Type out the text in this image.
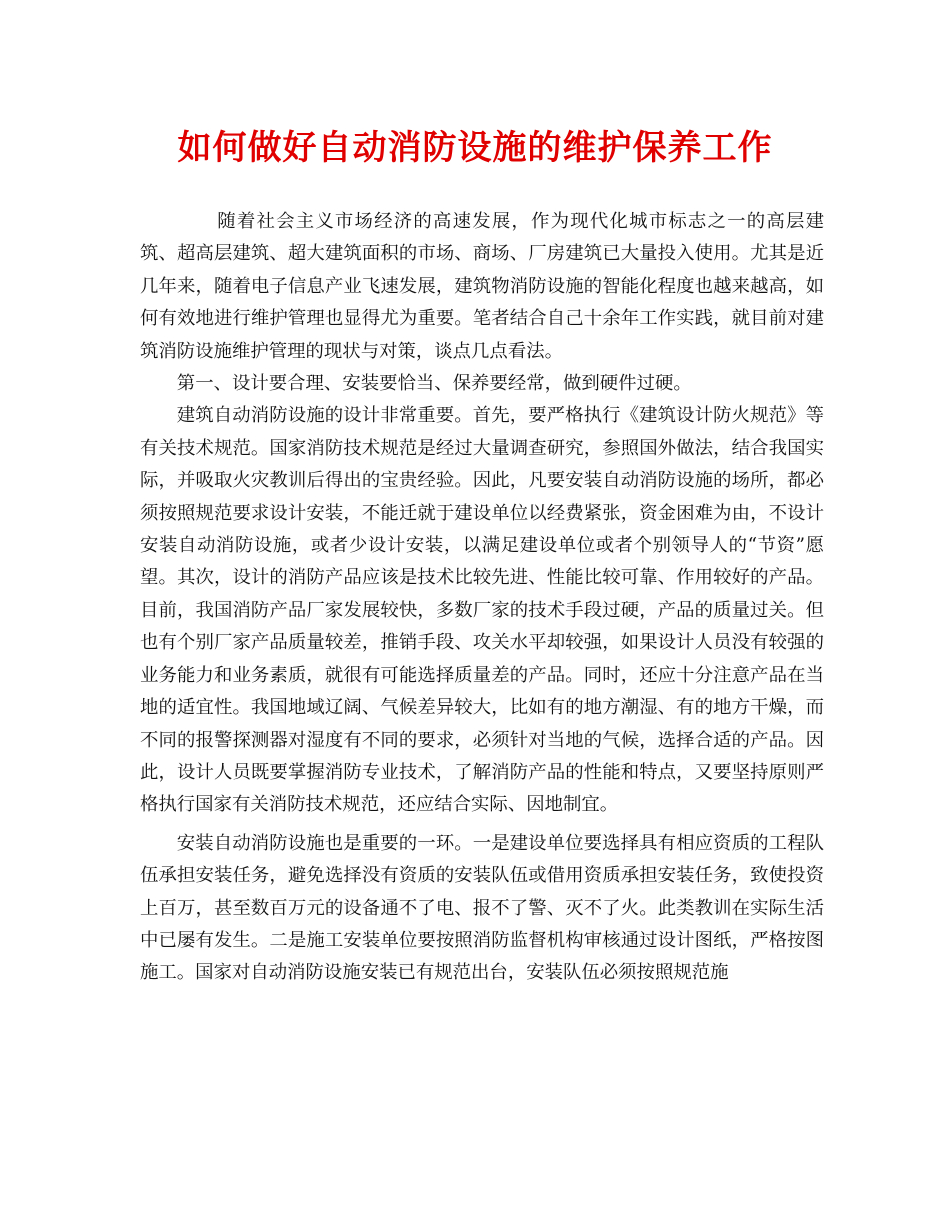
如何做好自动消防设施的维护保养工作

随着社会主义市场经济的高速发展，作为现代化城市标志之一的高层建筑、超高层建筑、超大建筑面积的市场、商场、厂房建筑已大量投入使用。尤其是近几年来，随着电子信息产业飞速发展，建筑物消防设施的智能化程度也越来越高，如何有效地进行维护管理也显得尤为重要。笔者结合自己十余年工作实践，就目前对建筑消防设施维护管理的现状与对策，谈点几点看法。

第一、设计要合理、安装要恰当、保养要经常，做到硬件过硬。

建筑自动消防设施的设计非常重要。首先，要严格执行《建筑设计防火规范》等有关技术规范。国家消防技术规范是经过大量调查研究，参照国外做法，结合我国实际，并吸取火灾教训后得出的宝贵经验。因此，凡要安装自动消防设施的场所，都必须按照规范要求设计安装，不能迁就于建设单位以经费紧张，资金困难为由，不设计安装自动消防设施，或者少设计安装，以满足建设单位或者个别领导人的“节资”愿望。其次，设计的消防产品应该是技术比较先进、性能比较可靠、作用较好的产品。目前，我国消防产品厂家发展较快，多数厂家的技术手段过硬，产品的质量过关。但也有个别厂家产品质量较差，推销手段、攻关水平却较强，如果设计人员没有较强的业务能力和业务素质，就很有可能选择质量差的产品。同时，还应十分注意产品在当地的适宜性。我国地域辽阔、气候差异较大，比如有的地方潮湿、有的地方干燥，而不同的报警探测器对湿度有不同的要求，必须针对当地的气候，选择合适的产品。因此，设计人员既要掌握消防专业技术，了解消防产品的性能和特点，又要坚持原则严格执行国家有关消防技术规范，还应结合实际、因地制宜。

安装自动消防设施也是重要的一环。一是建设单位要选择具有相应资质的工程队伍承担安装任务，避免选择没有资质的安装队伍或借用资质承担安装任务，致使投资上百万，甚至数百万元的设备通不了电、报不了警、灭不了火。此类教训在实际生活中已屡有发生。二是施工安装单位要按照消防监督机构审核通过设计图纸，严格按图施工。国家对自动消防设施安装已有规范出台，安装队伍必须按照规范施
